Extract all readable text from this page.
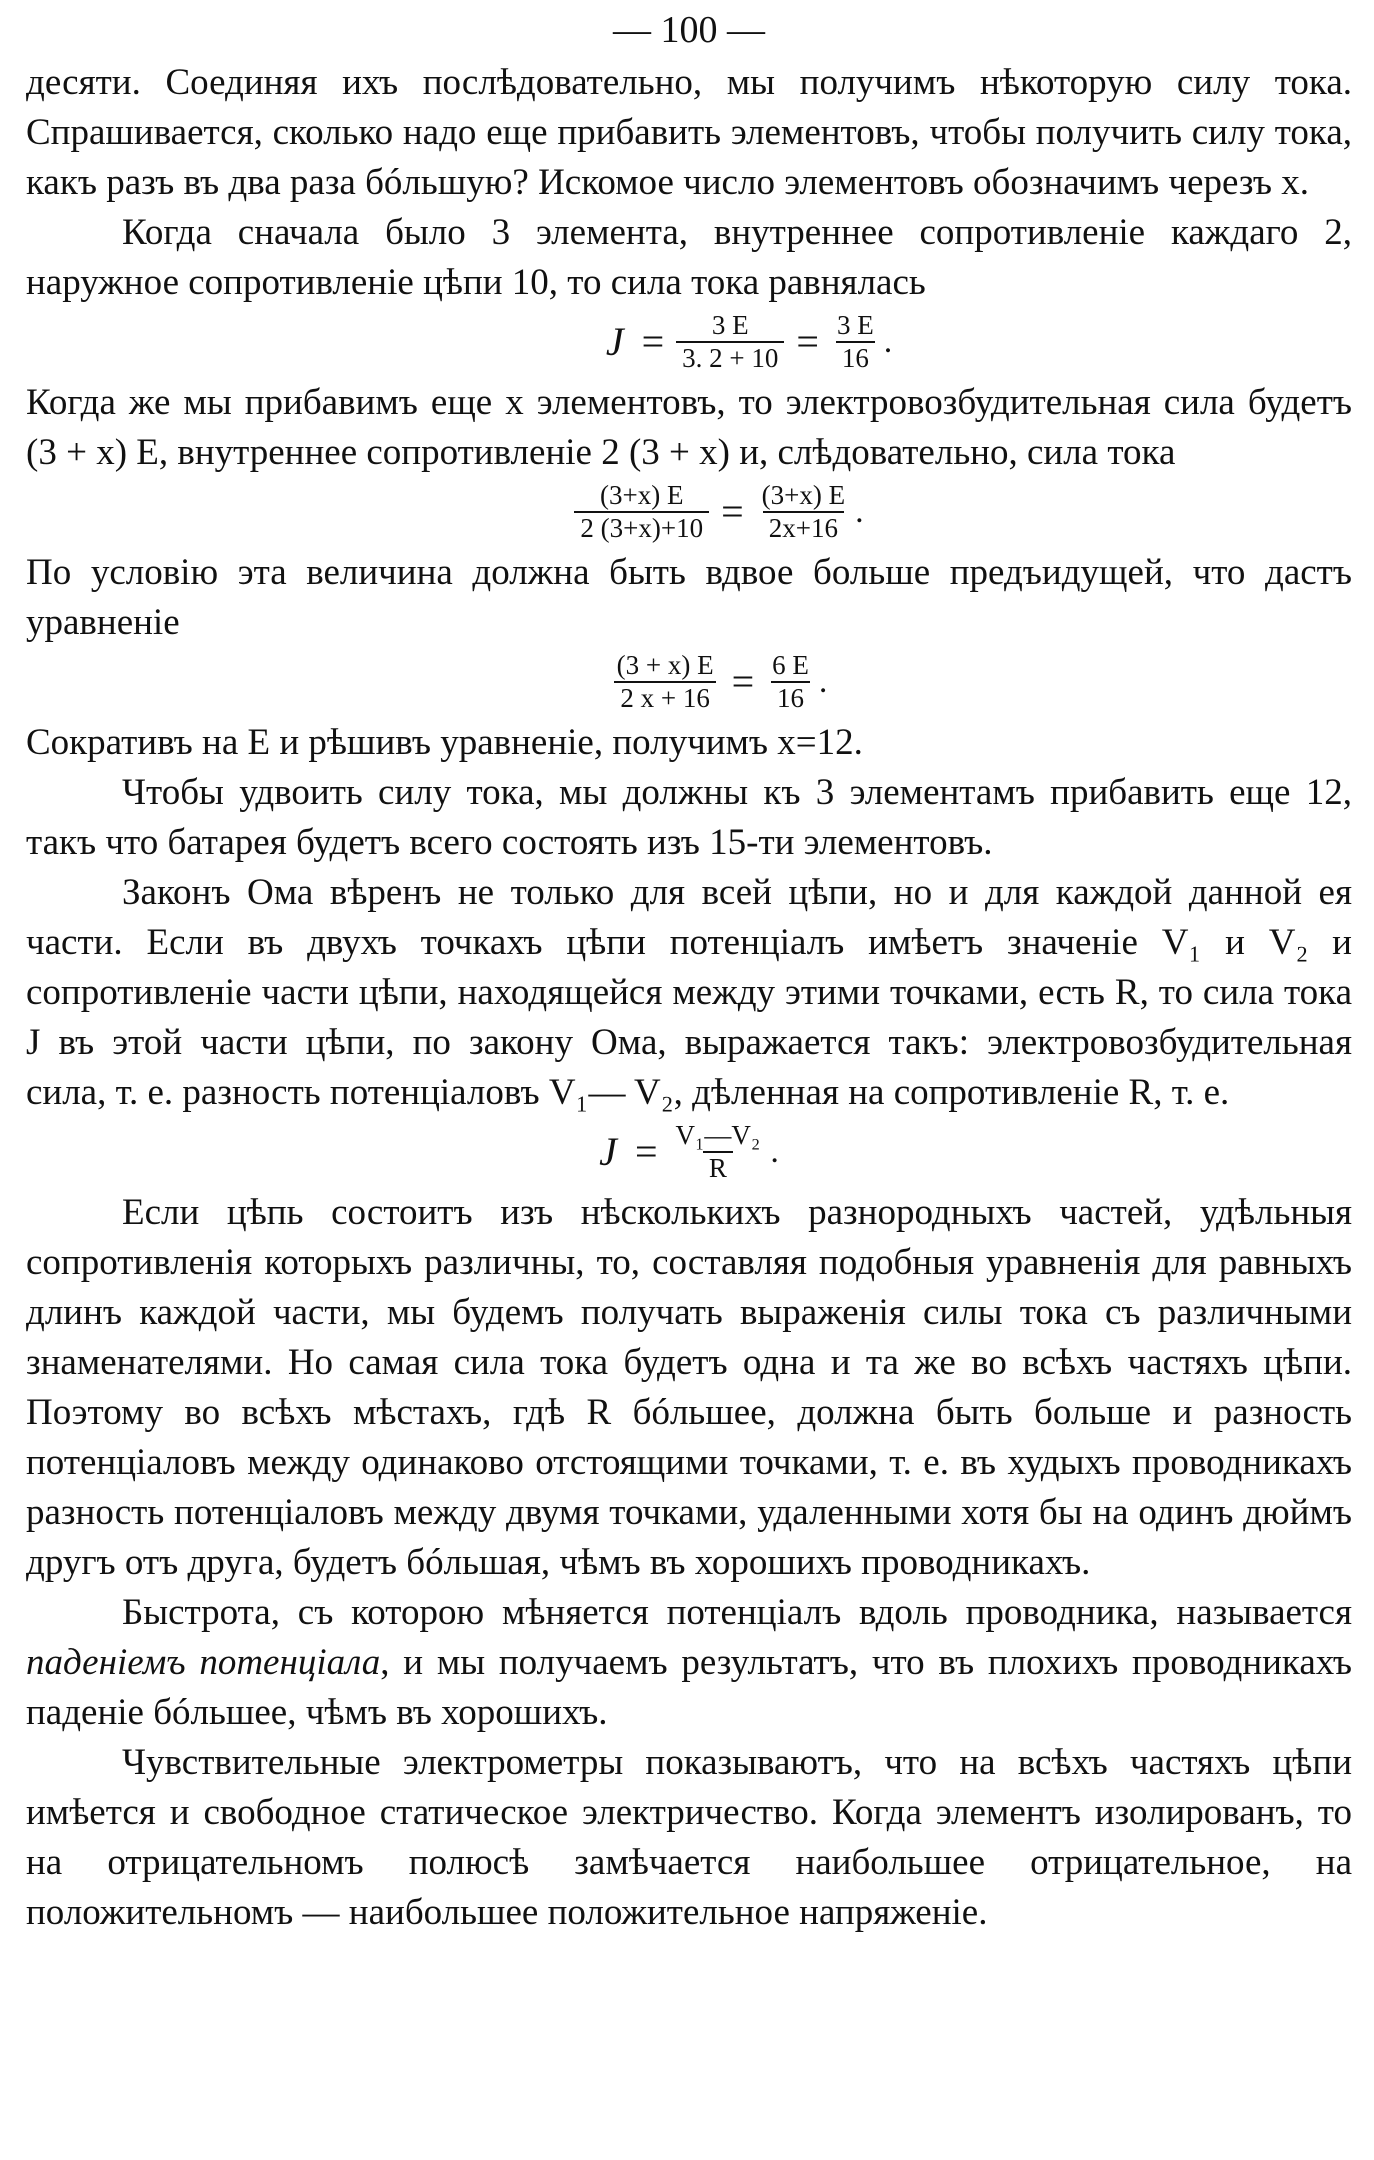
— 100 —

десяти. Соединяя ихъ послѣдовательно, мы получимъ нѣкоторую силу тока. Спрашивается, сколько надо еще прибавить элементовъ, чтобы получить силу тока, какъ разъ въ два раза бóльшую? Искомое число элементовъ обозначимъ черезъ x.

Когда сначала было 3 элемента, внутреннее сопротивленіе каждаго 2, наружное сопротивленіе цѣпи 10, то сила тока равнялась

$J = \frac{3 E}{3. 2 + 10} = \frac{3 E}{16}$ .

Когда же мы прибавимъ еще x элементовъ, то электровозбудительная сила будетъ (3 + x) E, внутреннее сопротивленіе 2 (3 + x) и, слѣдовательно, сила тока

$\frac{(3+x) E}{2 (3+x)+10} = \frac{(3+x) E}{2x+16}$ .

По условію эта величина должна быть вдвое больше предъидущей, что дастъ уравненіе

$\frac{(3 + x) E}{2 x + 16} = \frac{6 E}{16}$ .

Сокративъ на E и рѣшивъ уравненіе, получимъ x=12.

Чтобы удвоить силу тока, мы должны къ 3 элементамъ прибавить еще 12, такъ что батарея будетъ всего состоять изъ 15-ти элементовъ.

Законъ Ома вѣренъ не только для всей цѣпи, но и для каждой данной ея части. Если въ двухъ точкахъ цѣпи потенціалъ имѣетъ значеніе V₁ и V₂ и сопротивленіе части цѣпи, находящейся между этими точками, есть R, то сила тока J въ этой части цѣпи, по закону Ома, выражается такъ: электровозбудительная сила, т. е. разность потенціаловъ V₁— V₂, дѣленная на сопротивленіе R, т. е.

$J = \frac{\text{V₁—V₂}}{R}$ .

Если цѣпь состоитъ изъ нѣсколькихъ разнородныхъ частей, удѣльныя сопротивленія которыхъ различны, то, составляя подобныя уравненія для равныхъ длинъ каждой части, мы будемъ получать выраженія силы тока съ различными знаменателями. Но самая сила тока будетъ одна и та же во всѣхъ частяхъ цѣпи. Поэтому во всѣхъ мѣстахъ, гдѣ R бóльшее, должна быть больше и разность потенціаловъ между одинаково отстоящими точками, т. е. въ худыхъ проводникахъ разность потенціаловъ между двумя точками, удаленными хотя бы на одинъ дюймъ другъ отъ друга, будетъ бóльшая, чѣмъ въ хорошихъ проводникахъ.

Быстрота, съ которою мѣняется потенціалъ вдоль проводника, называется паденіемъ потенціала, и мы получаемъ результатъ, что въ плохихъ проводникахъ паденіе бóльшее, чѣмъ въ хорошихъ.

Чувствительные электрометры показываютъ, что на всѣхъ частяхъ цѣпи имѣется и свободное статическое электричество. Когда элементъ изолированъ, то на отрицательномъ полюсѣ замѣчается наибольшее отрицательное, на положительномъ — наибольшее положительное напряженіе.
